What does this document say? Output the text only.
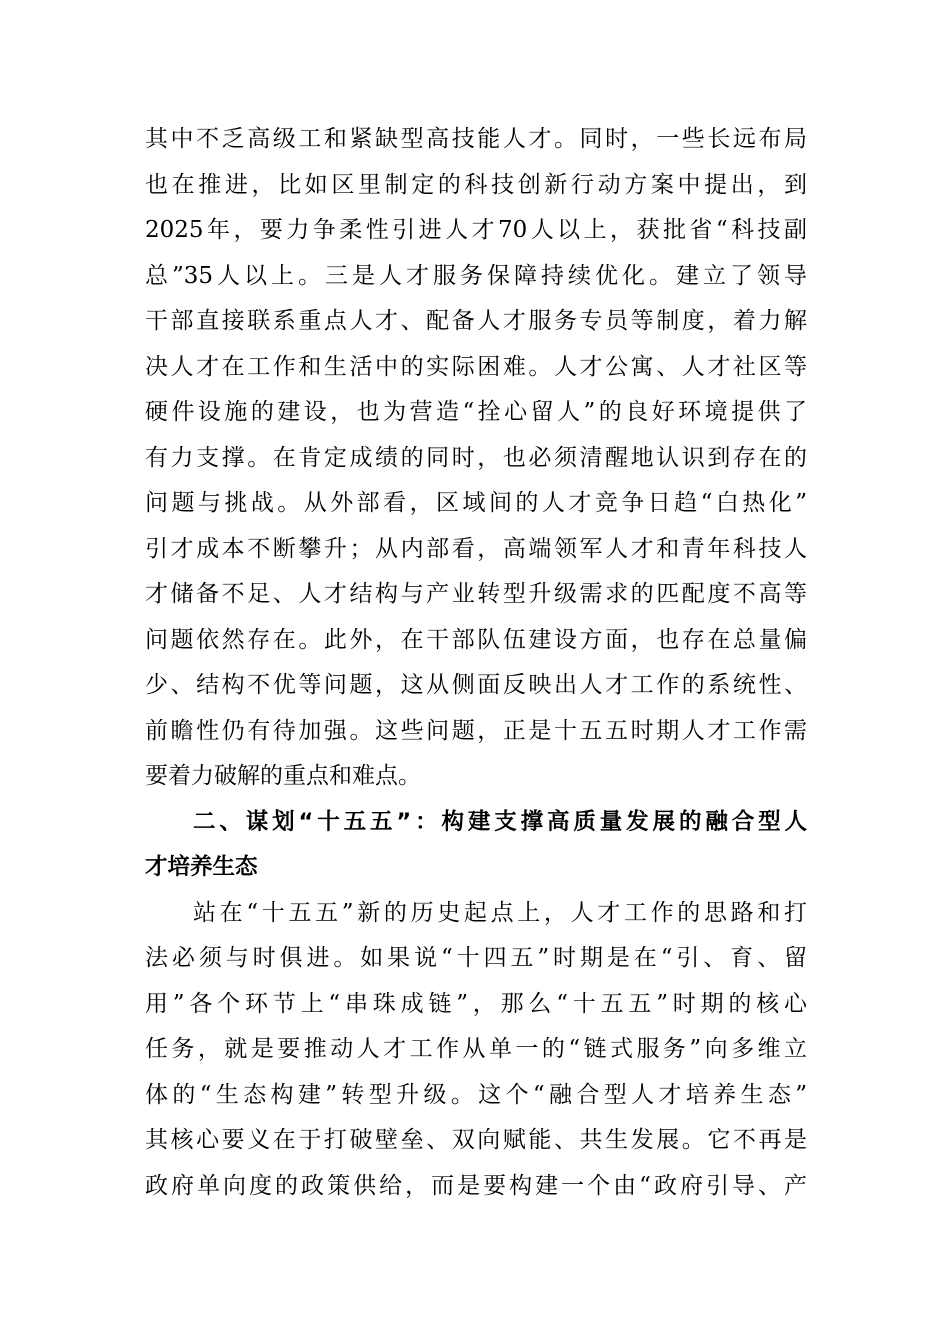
其中不乏高级工和紧缺型高技能人才。同时，一些长远布局
也在推进，比如区里制定的科技创新行动方案中提出，到
2025年，要力争柔性引进人才70人以上，获批省“科技副
总”35人以上。三是人才服务保障持续优化。建立了领导
干部直接联系重点人才、配备人才服务专员等制度，着力解
决人才在工作和生活中的实际困难。人才公寓、人才社区等
硬件设施的建设，也为营造“拴心留人”的良好环境提供了
有力支撑。在肯定成绩的同时，也必须清醒地认识到存在的
问题与挑战。从外部看，区域间的人才竞争日趋“白热化”
引才成本不断攀升；从内部看，高端领军人才和青年科技人
才储备不足、人才结构与产业转型升级需求的匹配度不高等
问题依然存在。此外，在干部队伍建设方面，也存在总量偏
少、结构不优等问题，这从侧面反映出人才工作的系统性、
前瞻性仍有待加强。这些问题，正是十五五时期人才工作需
要着力破解的重点和难点。
二、谋划“十五五”：构建支撑高质量发展的融合型人
才培养生态
站在“十五五”新的历史起点上，人才工作的思路和打
法必须与时俱进。如果说“十四五”时期是在“引、育、留
用”各个环节上“串珠成链”，那么“十五五”时期的核心
任务，就是要推动人才工作从单一的“链式服务”向多维立
体的“生态构建”转型升级。这个“融合型人才培养生态”
其核心要义在于打破壁垒、双向赋能、共生发展。它不再是
政府单向度的政策供给，而是要构建一个由“政府引导、产
